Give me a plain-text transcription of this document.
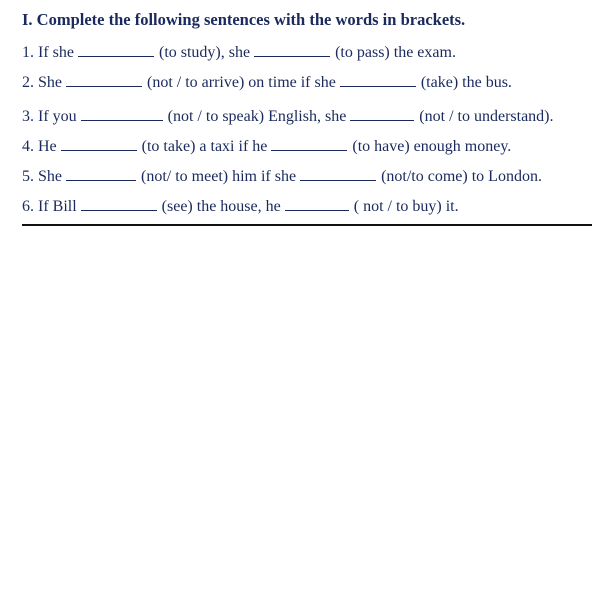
I. Complete the following sentences with the words in brackets.
1. If she	(to study), she	(to pass) the exam.
2. She	(not / to arrive) on time if she	(take) the bus.
3. If you	(not / to speak) English, she	(not / to understand).
4. He	(to take) a taxi if he	(to have) enough money.
5. She	(not/ to meet) him if she	(not/to come) to London.
6. If Bill	(see) the house, he	( not / to buy) it.
